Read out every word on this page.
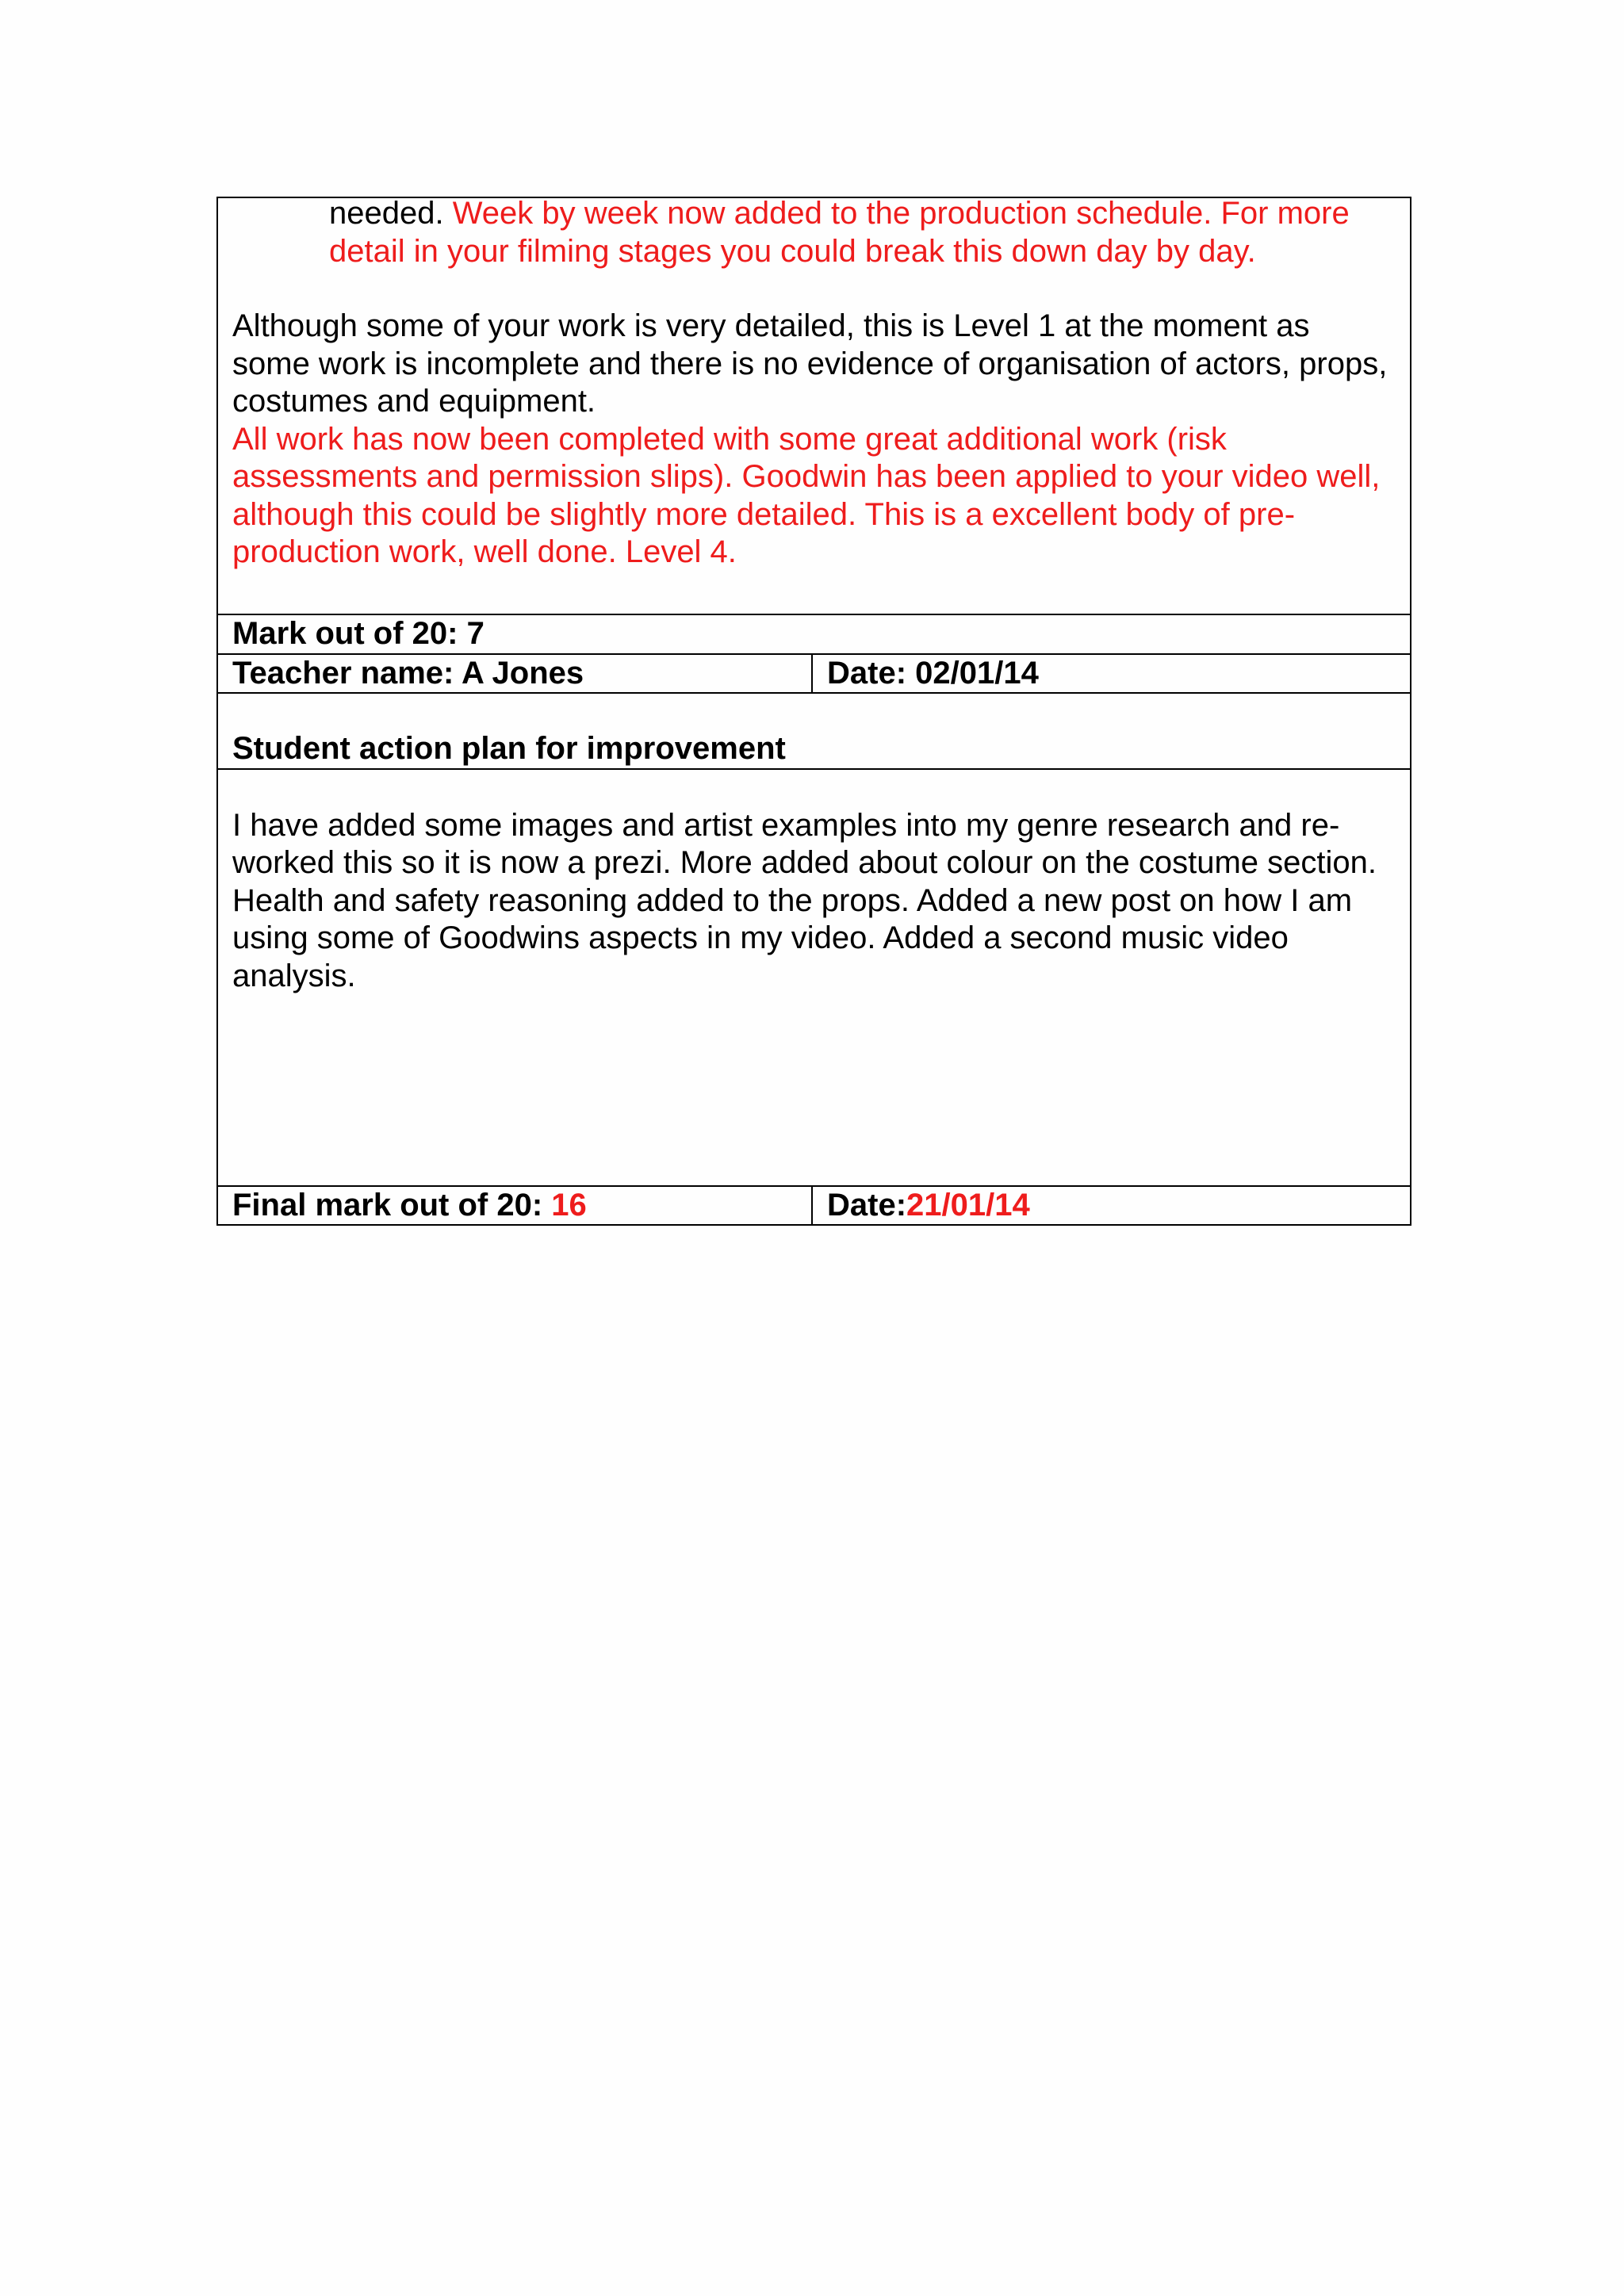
needed. Week by week now added to the production schedule. For more detail in your filming stages you could break this down day by day.

Although some of your work is very detailed, this is Level 1 at the moment as some work is incomplete and there is no evidence of organisation of actors, props, costumes and equipment.

All work has now been completed with some great additional work (risk assessments and permission slips). Goodwin has been applied to your video well, although this could be slightly more detailed. This is a excellent body of pre-production work, well done. Level 4.	

Mark out of 20: 7	
Teacher name: A Jones	Date: 02/01/14

Student action plan for improvement	

I have added some images and artist examples into my genre research and re-worked this so it is now a prezi. More added about colour on the costume section. Health and safety reasoning added to the props. Added a new post on how I am using some of Goodwins aspects in my video. Added a second music video analysis.	

Final mark out of 20: 16	Date:21/01/14
